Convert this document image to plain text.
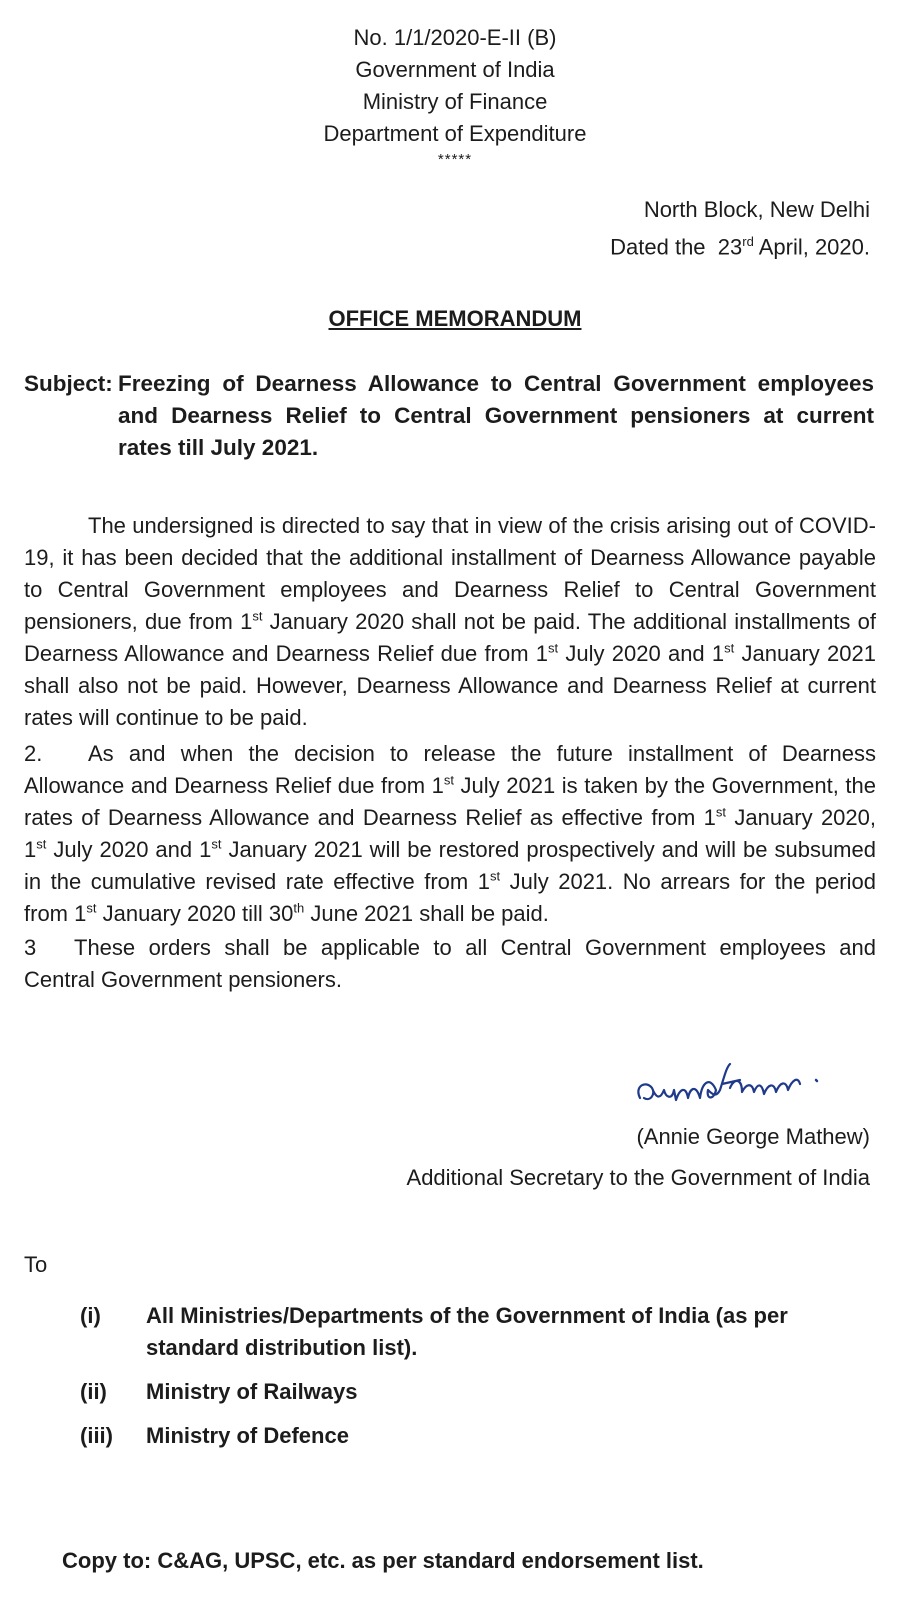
No. 1/1/2020-E-II (B)
Government of India
Ministry of Finance
Department of Expenditure
*****
North Block, New Delhi
Dated the  23rd April, 2020.
OFFICE MEMORANDUM
Subject: Freezing of Dearness Allowance to Central Government employees and Dearness Relief to Central Government pensioners at current rates till July 2021.

The undersigned is directed to say that in view of the crisis arising out of COVID-19, it has been decided that the additional installment of Dearness Allowance payable to Central Government employees and Dearness Relief to Central Government pensioners, due from 1st January 2020 shall not be paid. The additional installments of Dearness Allowance and Dearness Relief due from 1st July 2020 and 1st January 2021 shall also not be paid. However, Dearness Allowance and Dearness Relief at current rates will continue to be paid.

2. As and when the decision to release the future installment of Dearness Allowance and Dearness Relief due from 1st July 2021 is taken by the Government, the rates of Dearness Allowance and Dearness Relief as effective from 1st January 2020, 1st July 2020 and 1st January 2021 will be restored prospectively and will be subsumed in the cumulative revised rate effective from 1st July 2021. No arrears for the period from 1st January 2020 till 30th June 2021 shall be paid.

3 These orders shall be applicable to all Central Government employees and Central Government pensioners.

(Annie George Mathew)
Additional Secretary to the Government of India
To
(i) All Ministries/Departments of the Government of India (as per standard distribution list).
(ii) Ministry of Railways
(iii) Ministry of Defence
Copy to: C&AG, UPSC, etc. as per standard endorsement list.
